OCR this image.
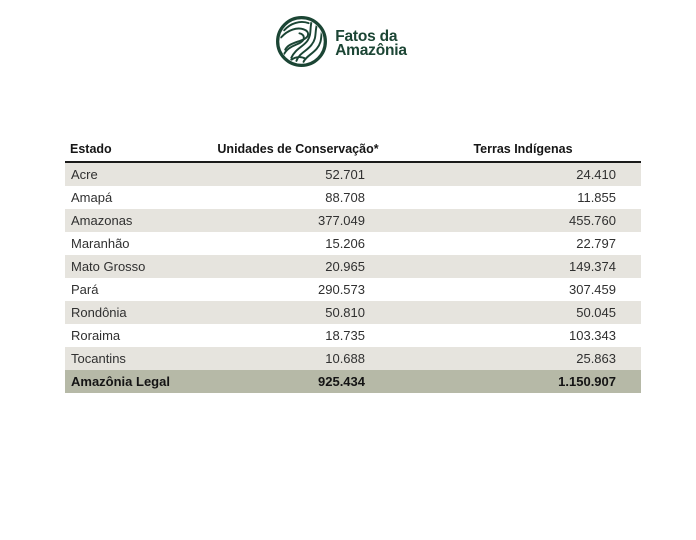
Fatos da
Amazônia
Estado	Unidades de Conservação*	Terras Indígenas
Acre	52.701	24.410
Amapá	88.708	11.855
Amazonas	377.049	455.760
Maranhão	15.206	22.797
Mato Grosso	20.965	149.374
Pará	290.573	307.459
Rondônia	50.810	50.045
Roraima	18.735	103.343
Tocantins	10.688	25.863
Amazônia Legal	925.434	1.150.907
